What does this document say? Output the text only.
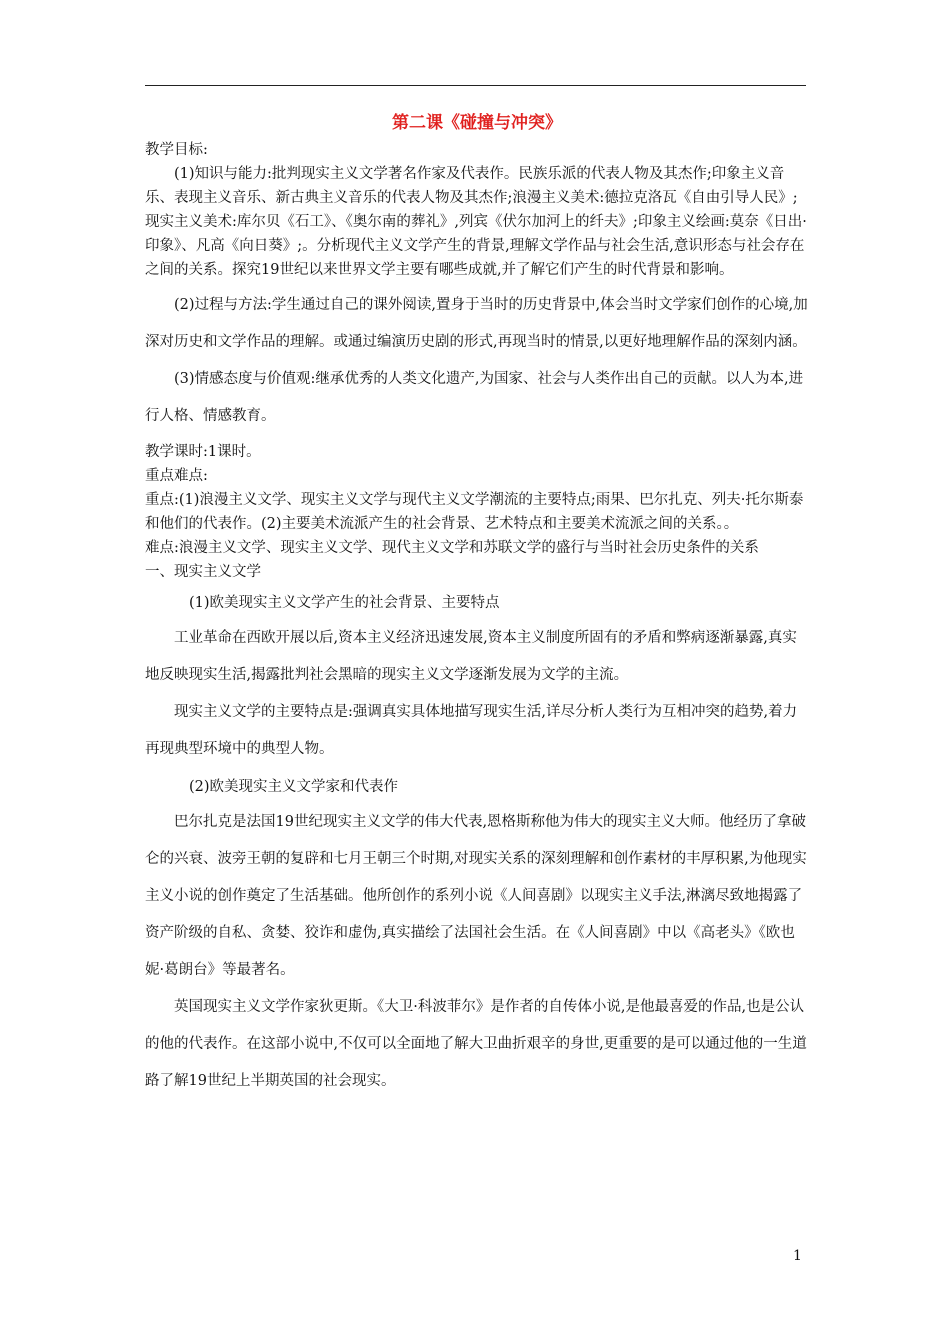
第二课《碰撞与冲突》

教学目标:

(1)知识与能力:批判现实主义文学著名作家及代表作。民族乐派的代表人物及其杰作;印象主义音乐、表现主义音乐、新古典主义音乐的代表人物及其杰作;浪漫主义美术:德拉克洛瓦《自由引导人民》;现实主义美术:库尔贝《石工》、《奥尔南的葬礼》,列宾《伏尔加河上的纤夫》;印象主义绘画:莫奈《日出·印象》、凡高《向日葵》;。分析现代主义文学产生的背景,理解文学作品与社会生活,意识形态与社会存在之间的关系。探究19世纪以来世界文学主要有哪些成就,并了解它们产生的时代背景和影响。

(2)过程与方法:学生通过自己的课外阅读,置身于当时的历史背景中,体会当时文学家们创作的心境,加深对历史和文学作品的理解。或通过编演历史剧的形式,再现当时的情景,以更好地理解作品的深刻内涵。

(3)情感态度与价值观:继承优秀的人类文化遗产,为国家、社会与人类作出自己的贡献。以人为本,进行人格、情感教育。

教学课时:1课时。

重点难点:

重点:(1)浪漫主义文学、现实主义文学与现代主义文学潮流的主要特点;雨果、巴尔扎克、列夫·托尔斯泰和他们的代表作。(2)主要美术流派产生的社会背景、艺术特点和主要美术流派之间的关系。。

难点:浪漫主义文学、现实主义文学、现代主义文学和苏联文学的盛行与当时社会历史条件的关系

一、现实主义文学

(1)欧美现实主义文学产生的社会背景、主要特点

工业革命在西欧开展以后,资本主义经济迅速发展,资本主义制度所固有的矛盾和弊病逐渐暴露,真实地反映现实生活,揭露批判社会黑暗的现实主义文学逐渐发展为文学的主流。

现实主义文学的主要特点是:强调真实具体地描写现实生活,详尽分析人类行为互相冲突的趋势,着力再现典型环境中的典型人物。

(2)欧美现实主义文学家和代表作

巴尔扎克是法国19世纪现实主义文学的伟大代表,恩格斯称他为伟大的现实主义大师。他经历了拿破仑的兴衰、波旁王朝的复辟和七月王朝三个时期,对现实关系的深刻理解和创作素材的丰厚积累,为他现实主义小说的创作奠定了生活基础。他所创作的系列小说《人间喜剧》以现实主义手法,淋漓尽致地揭露了资产阶级的自私、贪婪、狡诈和虚伪,真实描绘了法国社会生活。在《人间喜剧》中以《高老头》《欧也妮·葛朗台》等最著名。

英国现实主义文学作家狄更斯。《大卫·科波菲尔》是作者的自传体小说,是他最喜爱的作品,也是公认的他的代表作。在这部小说中,不仅可以全面地了解大卫曲折艰辛的身世,更重要的是可以通过他的一生道路了解19世纪上半期英国的社会现实。

1
